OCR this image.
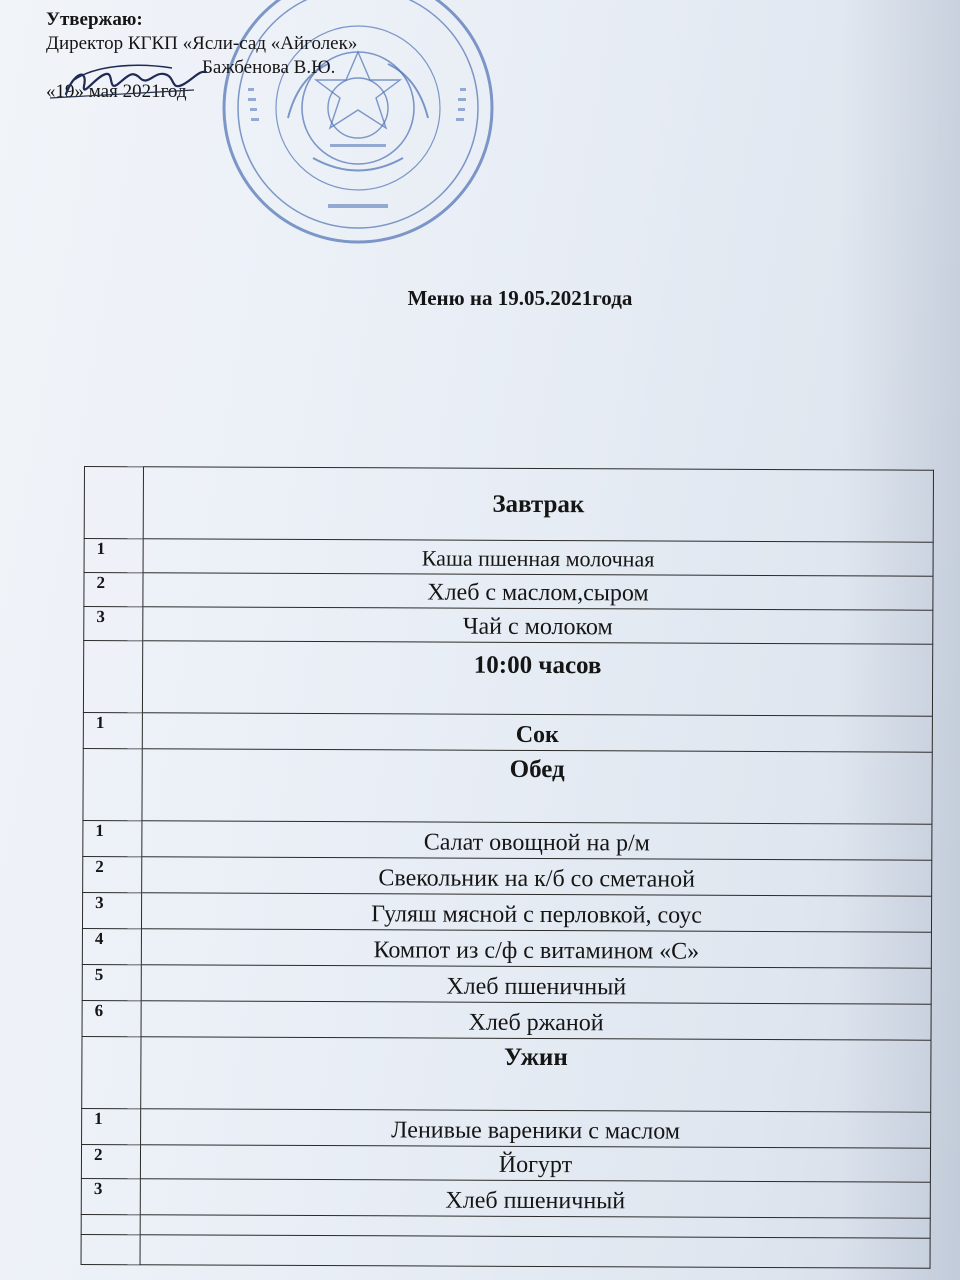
Утвержаю:
Директор КГКП «Ясли-сад «Айголек»
Бажбенова В.Ю.
«19» мая 2021год
Меню на 19.05.2021года
	Завтрак
1	Каша пшенная молочная
2	Хлеб с маслом,сыром
3	Чай с молоком
	10:00 часов
1	Сок
	Обед
1	Салат овощной на р/м
2	Свекольник на к/б со сметаной
3	Гуляш мясной с перловкой, соус
4	Компот из с/ф с витамином «С»
5	Хлеб пшеничный
6	Хлеб ржаной
	Ужин
1	Ленивые вареники с маслом
2	Йогурт
3	Хлеб пшеничный
